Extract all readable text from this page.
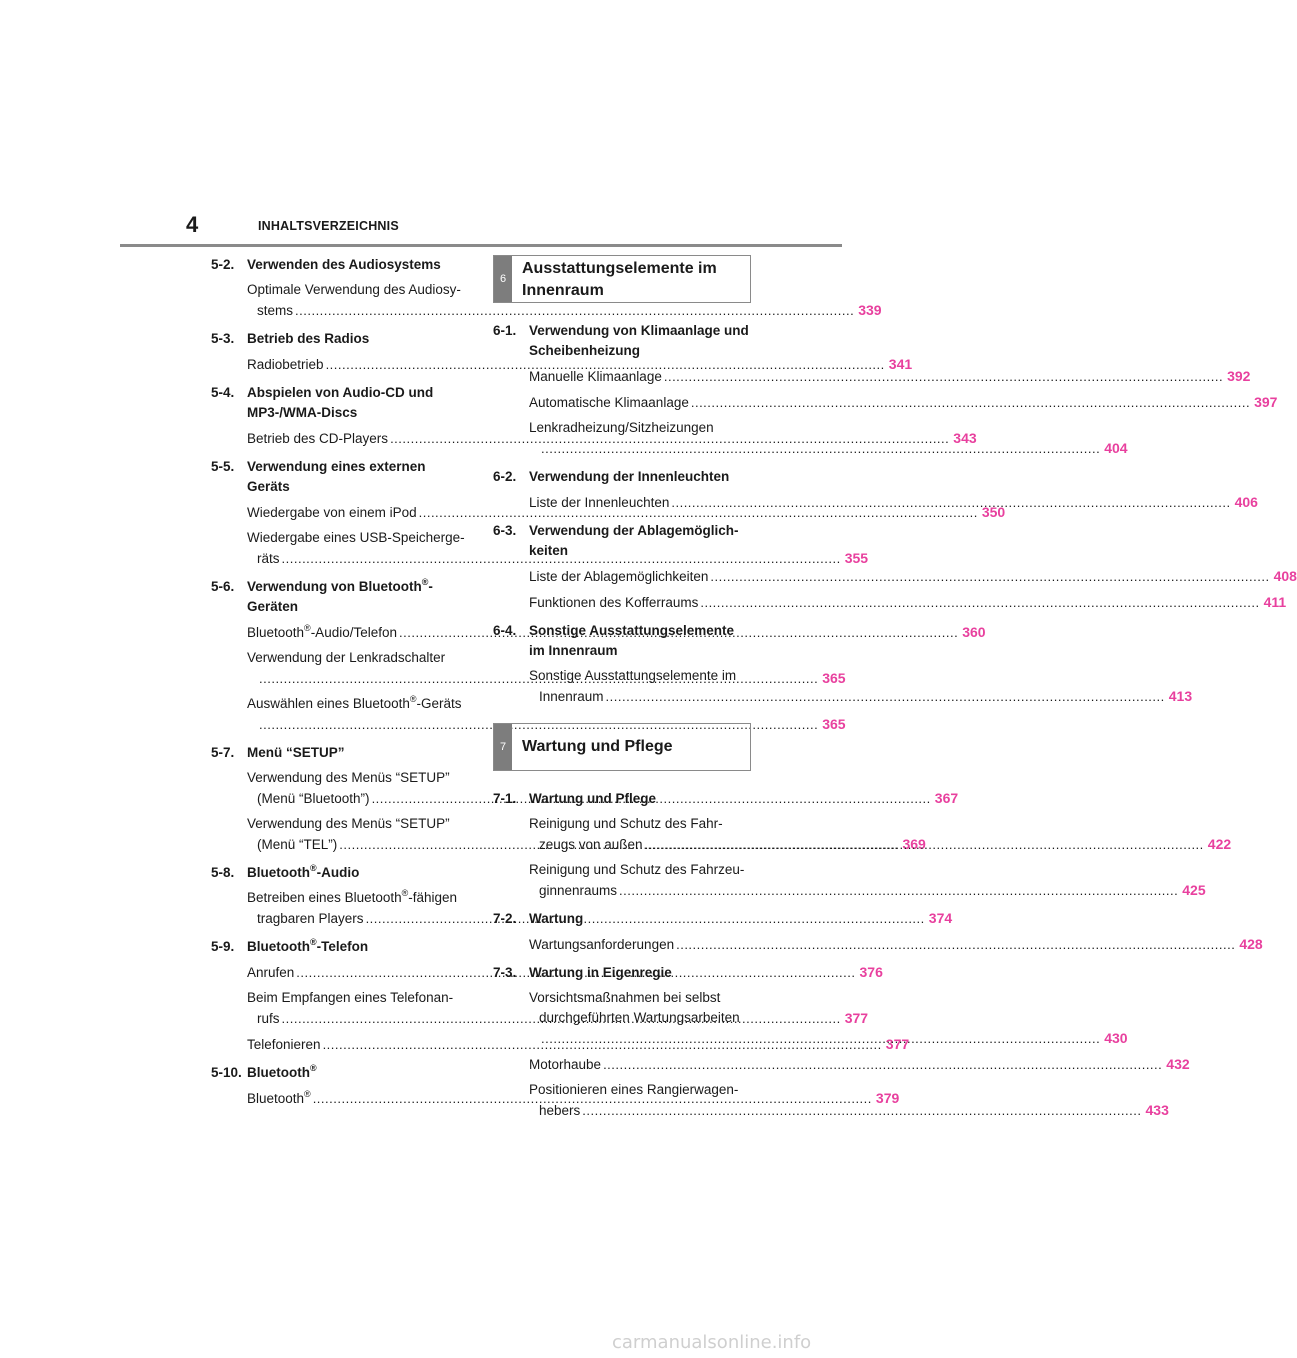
4	INHALTSVERZEICHNIS
5-2. Verwenden des Audiosystems
Optimale Verwendung des Audiosy-
stems .....	339
5-3. Betrieb des Radios
Radiobetrieb .....	341
5-4. Abspielen von Audio-CD und MP3-/WMA-Discs
Betrieb des CD-Players .....	343
5-5. Verwendung eines externen Geräts
Wiedergabe von einem iPod .....	350
Wiedergabe eines USB-Speicherge-
räts .....	355
5-6. Verwendung von Bluetooth®-Geräten
Bluetooth®-Audio/Telefon .....	360
Verwendung der Lenkradschalter
.....365
Auswählen eines Bluetooth®-Geräts
.....365
5-7. Menü “SETUP”
Verwendung des Menüs “SETUP”
(Menü “Bluetooth”) .....	367
Verwendung des Menüs “SETUP”
(Menü “TEL”) .....	369
5-8. Bluetooth®-Audio
Betreiben eines Bluetooth®-fähigen
tragbaren Players .....	374
5-9. Bluetooth®-Telefon
Anrufen .....	376
Beim Empfangen eines Telefonan-
rufs .....	377
Telefonieren .....	377
5-10. Bluetooth®
Bluetooth® .....	379
6
Ausstattungselemente im Innenraum
6-1. Verwendung von Klimaanlage und Scheibenheizung
Manuelle Klimaanlage .....	392
Automatische Klimaanlage .....	397
Lenkradheizung/Sitzheizungen
.....404
6-2. Verwendung der Innenleuchten
Liste der Innenleuchten .....	406
6-3. Verwendung der Ablagemöglich-keiten
Liste der Ablagemöglichkeiten .....	408
Funktionen des Kofferraums .....	411
6-4. Sonstige Ausstattungselemente im Innenraum
Sonstige Ausstattungselemente im
Innenraum .....	413
7 Wartung und Pflege
7-1. Wartung und Pflege
Reinigung und Schutz des Fahr-
zeugs von außen .....	422
Reinigung und Schutz des Fahrzeu-
ginnenraums .....	425
7-2. Wartung
Wartungsanforderungen .....	428
7-3. Wartung in Eigenregie
Vorsichtsmaßnahmen bei selbst
durchgeführten Wartungsarbeiten
.....430
Motorhaube .....	432
Positionieren eines Rangierwagen-
hebers .....	433
carmanualsonline.info
